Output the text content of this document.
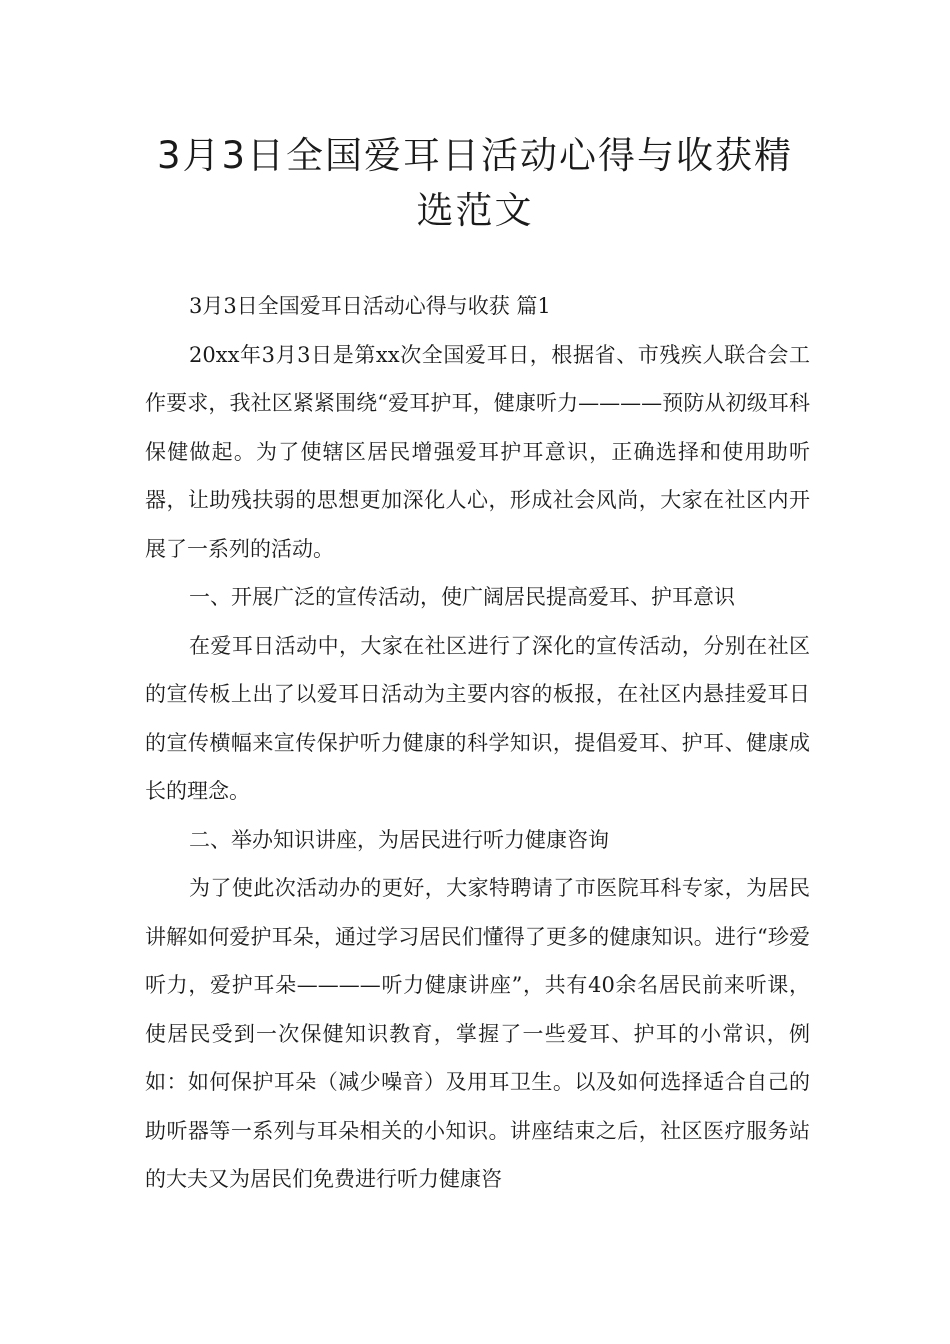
3月3日全国爱耳日活动心得与收获精
选范文

3月3日全国爱耳日活动心得与收获 篇1

20xx年3月3日是第xx次全国爱耳日，根据省、市残疾人联合会工作要求，我社区紧紧围绕“爱耳护耳，健康听力————预防从初级耳科保健做起。为了使辖区居民增强爱耳护耳意识，正确选择和使用助听器，让助残扶弱的思想更加深化人心，形成社会风尚，大家在社区内开展了一系列的活动。

一、开展广泛的宣传活动，使广阔居民提高爱耳、护耳意识

在爱耳日活动中，大家在社区进行了深化的宣传活动，分别在社区的宣传板上出了以爱耳日活动为主要内容的板报，在社区内悬挂爱耳日的宣传横幅来宣传保护听力健康的科学知识，提倡爱耳、护耳、健康成长的理念。

二、举办知识讲座，为居民进行听力健康咨询

为了使此次活动办的更好，大家特聘请了市医院耳科专家，为居民讲解如何爱护耳朵，通过学习居民们懂得了更多的健康知识。进行“珍爱听力，爱护耳朵————听力健康讲座”，共有40余名居民前来听课，使居民受到一次保健知识教育，掌握了一些爱耳、护耳的小常识，例如：如何保护耳朵（减少噪音）及用耳卫生。以及如何选择适合自己的助听器等一系列与耳朵相关的小知识。讲座结束之后，社区医疗服务站的大夫又为居民们免费进行听力健康咨
